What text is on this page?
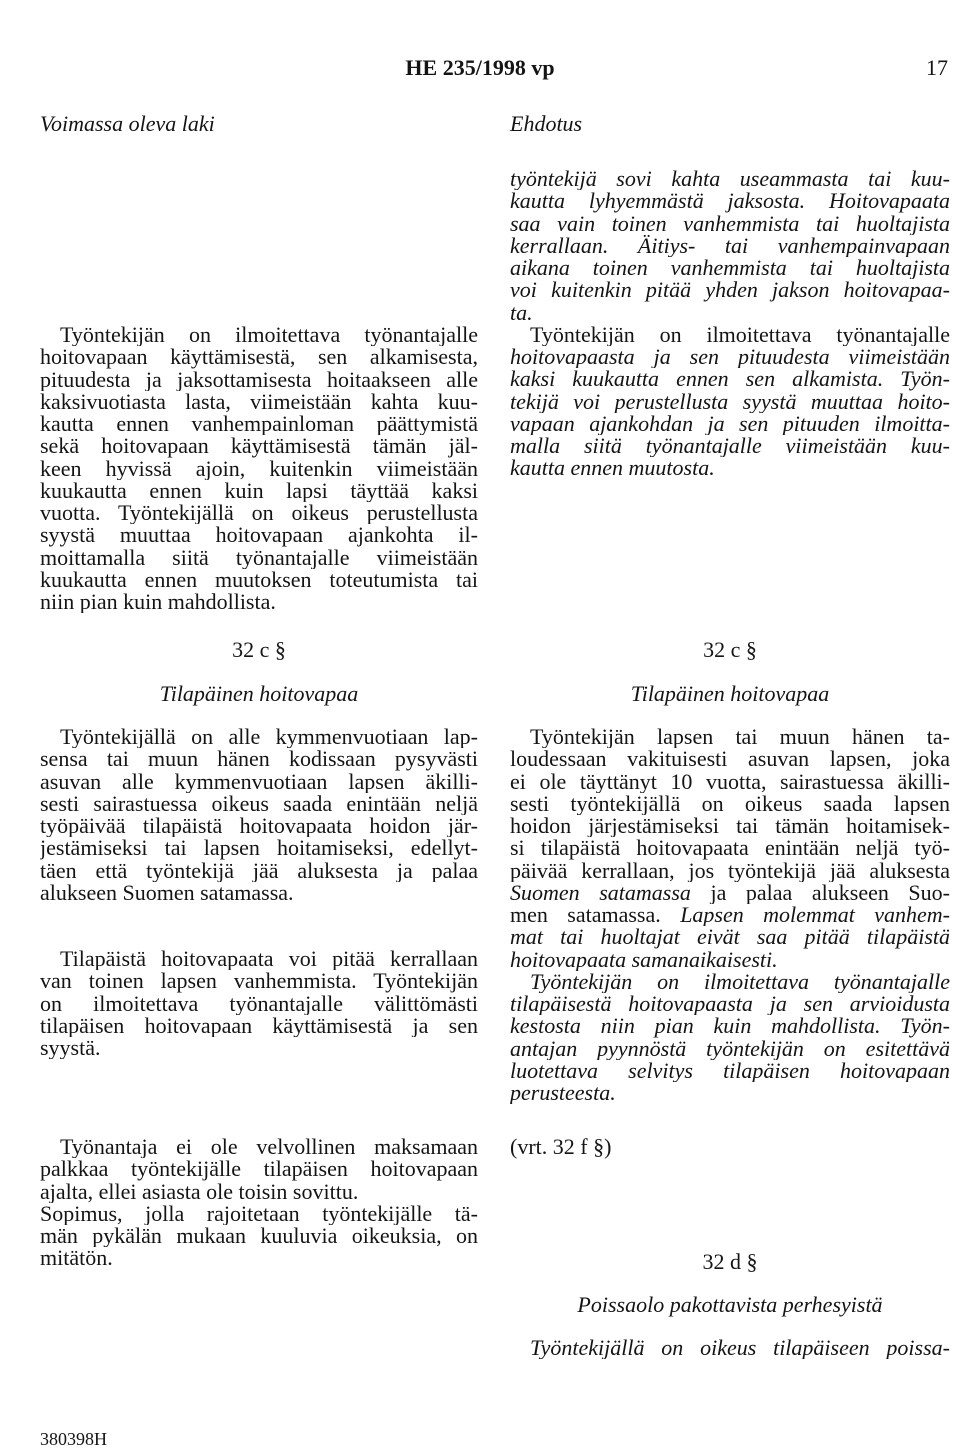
HE 235/1998 vp	17
Voimassa oleva laki
Työntekijän on ilmoitettava työnantajalle
hoitovapaan käyttämisestä, sen alkamisesta,
pituudesta ja jaksottamisesta hoitaakseen alle
kaksivuotiasta lasta, viimeistään kahta kuu-
kautta ennen vanhempainloman päättymistä
sekä hoitovapaan käyttämisestä tämän jäl-
keen hyvissä ajoin, kuitenkin viimeistään
kuukautta ennen kuin lapsi täyttää kaksi
vuotta. Työntekijällä on oikeus perustellusta
syystä muuttaa hoitovapaan ajankohta il-
moittamalla siitä työnantajalle viimeistään
kuukautta ennen muutoksen toteutumista tai
niin pian kuin mahdollista.
32 c §
Tilapäinen hoitovapaa
Työntekijällä on alle kymmenvuotiaan lap-
sensa tai muun hänen kodissaan pysyvästi
asuvan alle kymmenvuotiaan lapsen äkilli-
sesti sairastuessa oikeus saada enintään neljä
työpäivää tilapäistä hoitovapaata hoidon jär-
jestämiseksi tai lapsen hoitamiseksi, edellyt-
täen että työntekijä jää aluksesta ja palaa
alukseen Suomen satamassa.
Tilapäistä hoitovapaata voi pitää kerrallaan
van toinen lapsen vanhemmista. Työntekijän
on ilmoitettava työnantajalle välittömästi
tilapäisen hoitovapaan käyttämisestä ja sen
syystä.
Työnantaja ei ole velvollinen maksamaan
palkkaa työntekijälle tilapäisen hoitovapaan
ajalta, ellei asiasta ole toisin sovittu.
Sopimus, jolla rajoitetaan työntekijälle tä-
män pykälän mukaan kuuluvia oikeuksia, on
mitätön.
Ehdotus
työntekijä sovi kahta useammasta tai kuu-
kautta lyhyemmästä jaksosta. Hoitovapaata
saa vain toinen vanhemmista tai huoltajista
kerrallaan. Äitiys- tai vanhempainvapaan
aikana toinen vanhemmista tai huoltajista
voi kuitenkin pitää yhden jakson hoitovapaa-
ta.
Työntekijän on ilmoitettava työnantajalle
hoitovapaasta ja sen pituudesta viimeistään
kaksi kuukautta ennen sen alkamista. Työn-
tekijä voi perustellusta syystä muuttaa hoito-
vapaan ajankohdan ja sen pituuden ilmoitta-
malla siitä työnantajalle viimeistään kuu-
kautta ennen muutosta.
32 c §
Tilapäinen hoitovapaa
Työntekijän lapsen tai muun hänen ta-
loudessaan vakituisesti asuvan lapsen, joka
ei ole täyttänyt 10 vuotta, sairastuessa äkilli-
sesti työntekijällä on oikeus saada lapsen
hoidon järjestämiseksi tai tämän hoitamisek-
si tilapäistä hoitovapaata enintään neljä työ-
päivää kerrallaan, jos työntekijä jää aluksesta
Suomen satamassa ja palaa alukseen Suo-
men satamassa. Lapsen molemmat vanhem-
mat tai huoltajat eivät saa pitää tilapäistä
hoitovapaata samanaikaisesti.
Työntekijän on ilmoitettava työnantajalle
tilapäisestä hoitovapaasta ja sen arvioidusta
kestosta niin pian kuin mahdollista. Työn-
antajan pyynnöstä työntekijän on esitettävä
luotettava selvitys tilapäisen hoitovapaan
perusteesta.
(vrt. 32 f §)
32 d §
Poissaolo pakottavista perhesyistä
Työntekijällä on oikeus tilapäiseen poissa-
380398H
